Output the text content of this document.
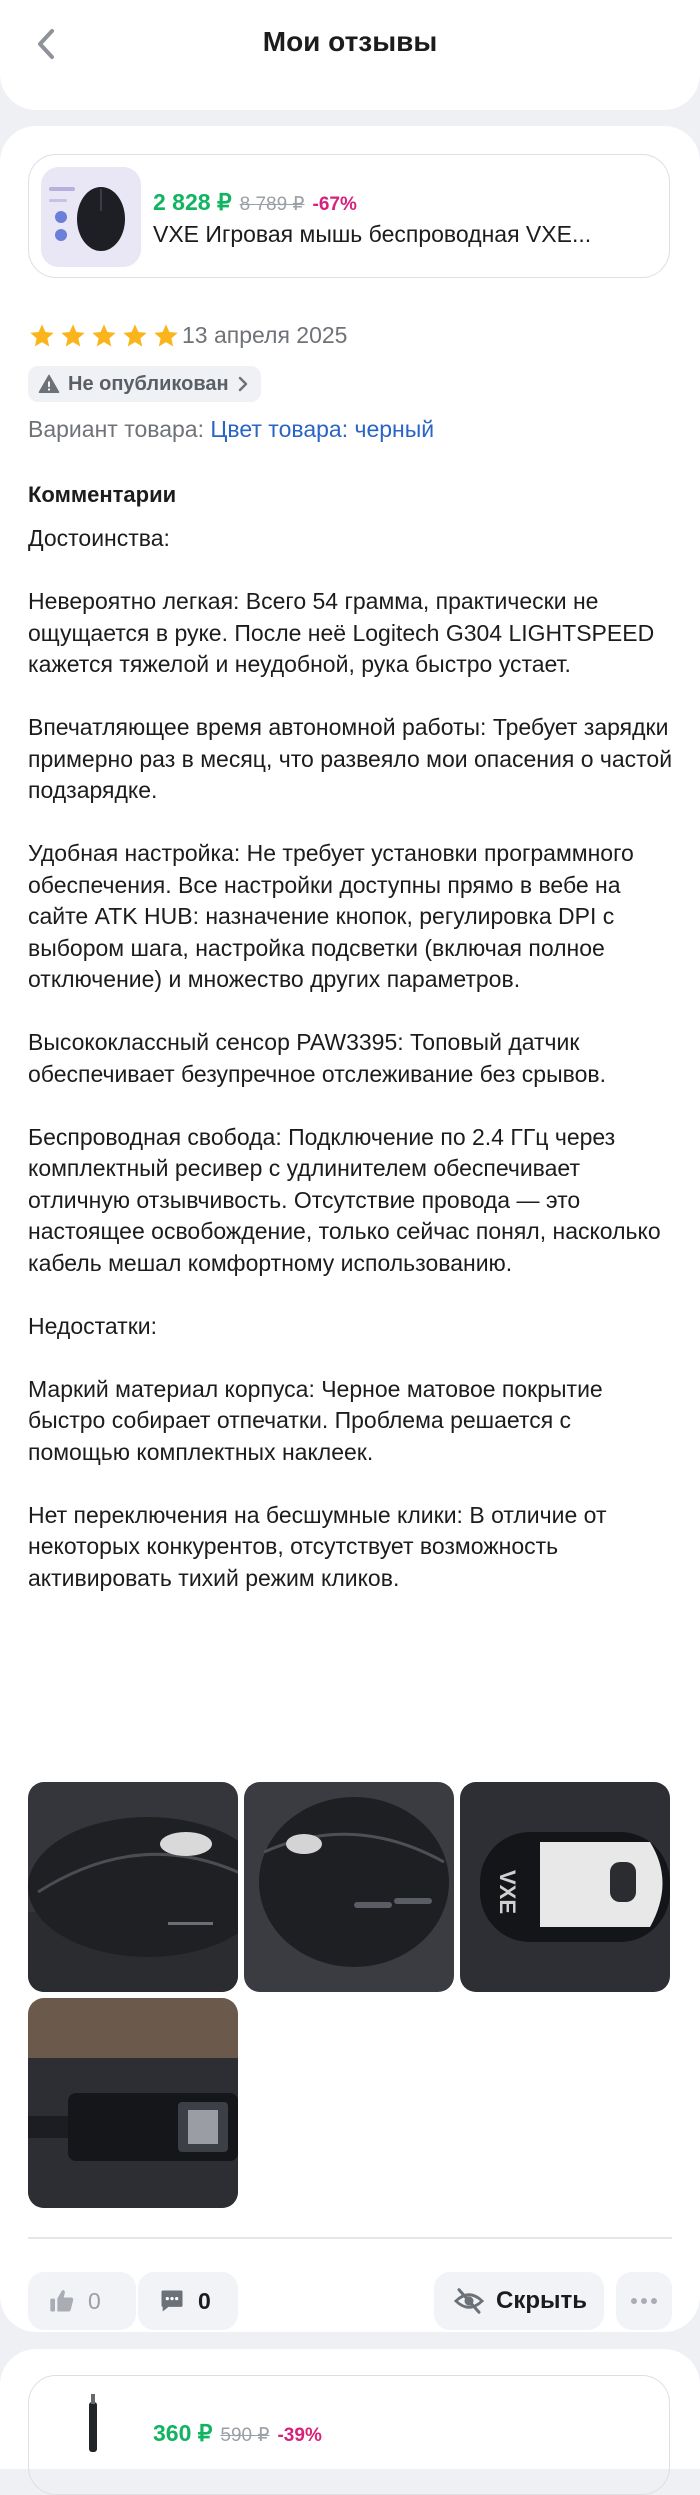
Мои отзывы
2 828 ₽ 8 789 ₽ -67%
VXE Игровая мышь беспроводная VXE...
13 апреля 2025
Не опубликован
Вариант товара: Цвет товара: черный
Комментарии
Достоинства:

Невероятно легкая: Всего 54 грамма, практически не ощущается в руке. После неё Logitech G304 LIGHTSPEED кажется тяжелой и неудобной, рука быстро устает.

Впечатляющее время автономной работы: Требует зарядки примерно раз в месяц, что развеяло мои опасения о частой подзарядке.

Удобная настройка: Не требует установки программного обеспечения. Все настройки доступны прямо в вебе на сайте ATK HUB: назначение кнопок, регулировка DPI с выбором шага, настройка подсветки (включая полное отключение) и множество других параметров.

Высококлассный сенсор PAW3395: Топовый датчик обеспечивает безупречное отслеживание без срывов.

Беспроводная свобода: Подключение по 2.4 ГГц через комплектный ресивер с удлинителем обеспечивает отличную отзывчивость. Отсутствие провода — это настоящее освобождение, только сейчас понял, насколько кабель мешал комфортному использованию.

Недостатки:

Маркий материал корпуса: Черное матовое покрытие быстро собирает отпечатки. Проблема решается с помощью комплектных наклеек.

Нет переключения на бесшумные клики: В отличие от некоторых конкурентов, отсутствует возможность активировать тихий режим кликов.
VXE
0	0	Скрыть
360 ₽ 590 ₽ -39%
